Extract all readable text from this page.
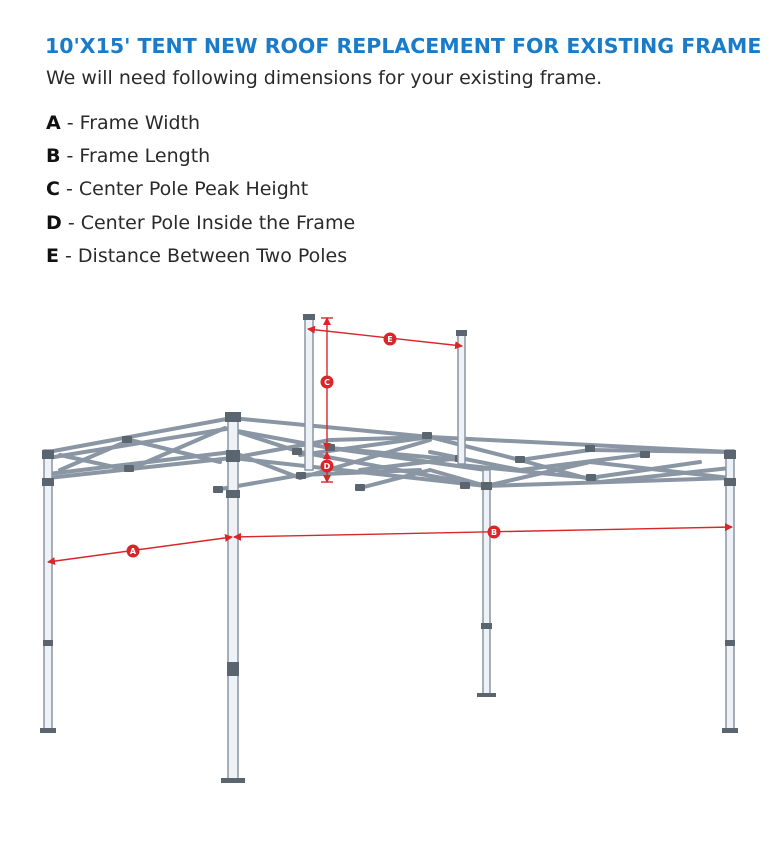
10'X15' TENT NEW ROOF REPLACEMENT FOR EXISTING FRAME
We will need following dimensions for your existing frame.
A - Frame Width
B - Frame Length
C - Center Pole Peak Height
D - Center Pole Inside the Frame
E - Distance Between Two Poles
E
C
D
A
B
